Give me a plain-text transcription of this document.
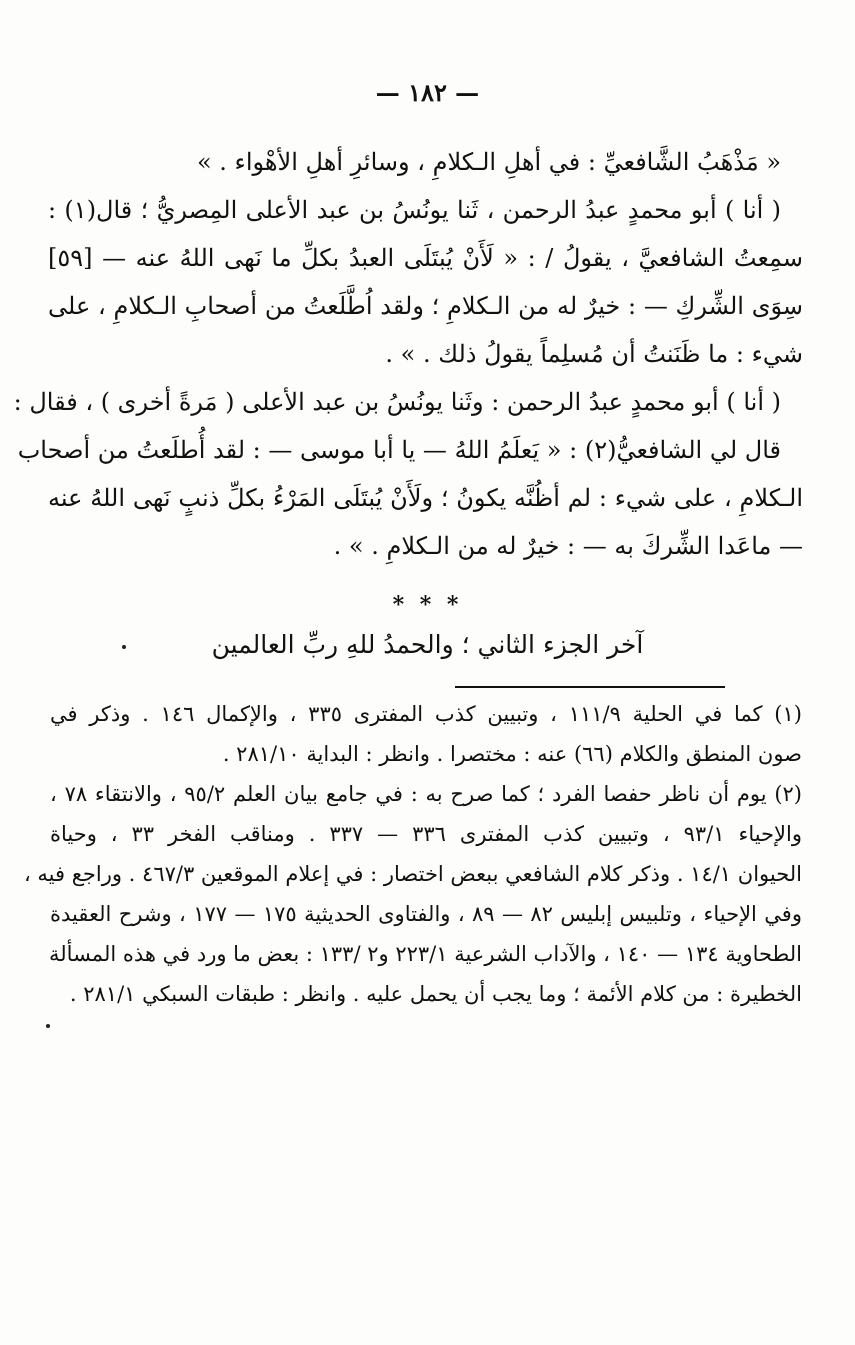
— ١٨٢ —
« مَذْهَبُ الشَّافعيِّ : في أهلِ الـكلامِ ، وسائرِ أهلِ الأهْواء . »
( أنا ) أبو محمدٍ عبدُ الرحمن ، ثَنا يونُسُ بن عبد الأعلى المِصريُّ ؛ قال(١) :
سمِعتُ الشافعيَّ ، يقولُ / : « لَأَنْ يُبتَلَى العبدُ بكلِّ ما نَهى اللهُ عنه — [٥٩]
سِوَى الشِّركِ — : خيرٌ له من الـكلامِ ؛ ولقد اُطَّلَعتُ من أصحابِ الـكلامِ ، على
شيء : ما ظَنَنتُ أن مُسلِماً يقولُ ذلك . » .
( أنا ) أبو محمدٍ عبدُ الرحمن : وثَنا يونُسُ بن عبد الأعلى ( مَرةً أخرى ) ، فقال :
قال لي الشافعيُّ(٢) : « يَعلَمُ اللهُ — يا أبا موسى — : لقد أُطلَعتُ من أصحاب
الـكلامِ ، على شيء : لم أظُنَّه يكونُ ؛ ولَأَنْ يُبتَلَى المَرْءُ بكلِّ ذنبٍ نَهى اللهُ عنه
— ماعَدا الشِّركَ به — : خيرٌ له من الـكلامِ . » .
* * *
آخر الجزء الثاني ؛ والحمدُ للهِ ربِّ العالمين
(١) كما في الحلية ١١١/٩ ، وتبيين كذب المفترى ٣٣٥ ، والإكمال ١٤٦ . وذكر في
صون المنطق والكلام (٦٦) عنه : مختصرا . وانظر : البداية ٢٨١/١٠ .
(٢) يوم أن ناظر حفصا الفرد ؛ كما صرح به : في جامع بيان العلم ٩٥/٢ ، والانتقاء ٧٨ ،
والإحياء ٩٣/١ ، وتبيين كذب المفترى ٣٣٦ — ٣٣٧ . ومناقب الفخر ٣٣ ، وحياة
الحيوان ١٤/١ . وذكر كلام الشافعي ببعض اختصار : في إعلام الموقعين ٤٦٧/٣ . وراجع فيه ،
وفي الإحياء ، وتلبيس إبليس ٨٢ — ٨٩ ، والفتاوى الحديثية ١٧٥ — ١٧٧ ، وشرح العقيدة
الطحاوية ١٣٤ — ١٤٠ ، والآداب الشرعية ٢٢٣/١ و٢ /١٣٣ : بعض ما ورد في هذه المسألة
الخطيرة : من كلام الأئمة ؛ وما يجب أن يحمل عليه . وانظر : طبقات السبكي ٢٨١/١ .
